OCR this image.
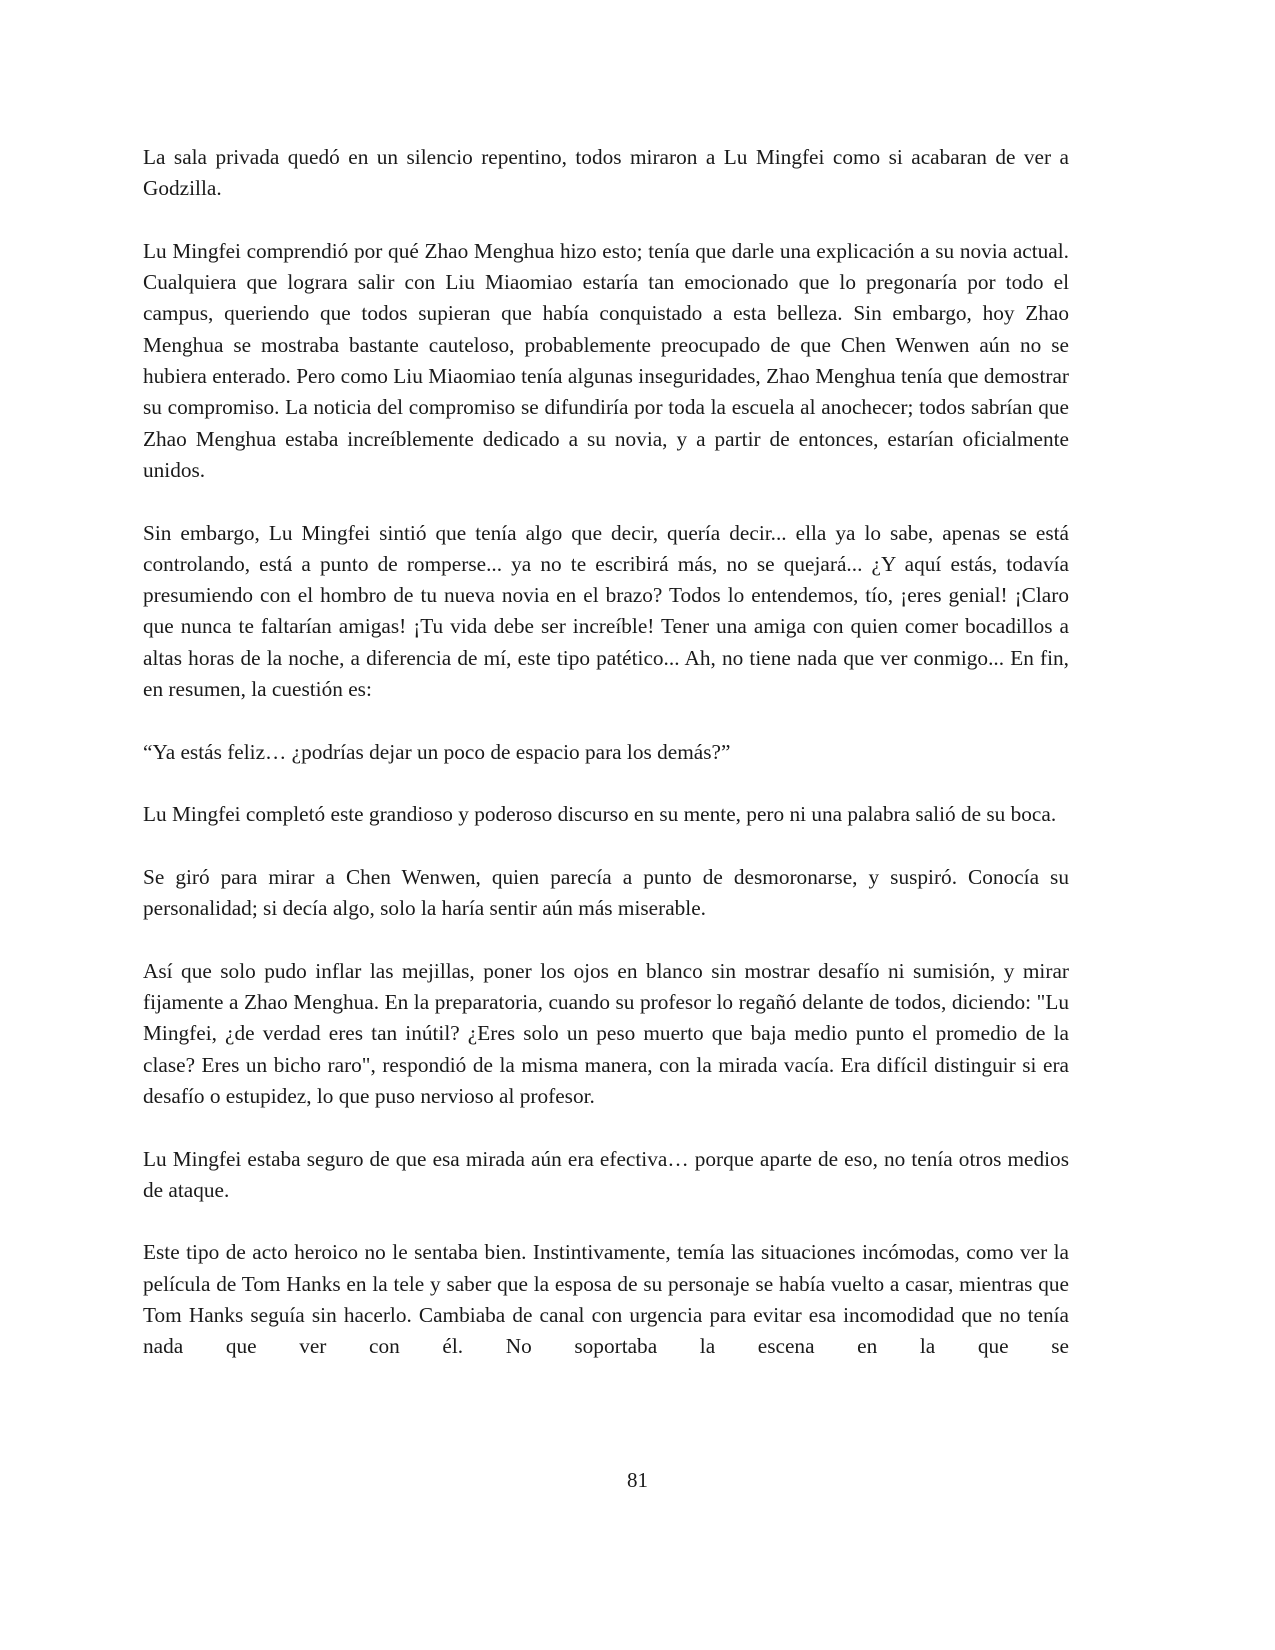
La sala privada quedó en un silencio repentino, todos miraron a Lu Mingfei como si acabaran de ver a Godzilla.

Lu Mingfei comprendió por qué Zhao Menghua hizo esto; tenía que darle una explicación a su novia actual. Cualquiera que lograra salir con Liu Miaomiao estaría tan emocionado que lo pregonaría por todo el campus, queriendo que todos supieran que había conquistado a esta belleza. Sin embargo, hoy Zhao Menghua se mostraba bastante cauteloso, probablemente preocupado de que Chen Wenwen aún no se hubiera enterado. Pero como Liu Miaomiao tenía algunas inseguridades, Zhao Menghua tenía que demostrar su compromiso. La noticia del compromiso se difundiría por toda la escuela al anochecer; todos sabrían que Zhao Menghua estaba increíblemente dedicado a su novia, y a partir de entonces, estarían oficialmente unidos.

Sin embargo, Lu Mingfei sintió que tenía algo que decir, quería decir... ella ya lo sabe, apenas se está controlando, está a punto de romperse... ya no te escribirá más, no se quejará... ¿Y aquí estás, todavía presumiendo con el hombro de tu nueva novia en el brazo? Todos lo entendemos, tío, ¡eres genial! ¡Claro que nunca te faltarían amigas! ¡Tu vida debe ser increíble! Tener una amiga con quien comer bocadillos a altas horas de la noche, a diferencia de mí, este tipo patético... Ah, no tiene nada que ver conmigo... En fin, en resumen, la cuestión es:

“Ya estás feliz… ¿podrías dejar un poco de espacio para los demás?”

Lu Mingfei completó este grandioso y poderoso discurso en su mente, pero ni una palabra salió de su boca.

Se giró para mirar a Chen Wenwen, quien parecía a punto de desmoronarse, y suspiró. Conocía su personalidad; si decía algo, solo la haría sentir aún más miserable.

Así que solo pudo inflar las mejillas, poner los ojos en blanco sin mostrar desafío ni sumisión, y mirar fijamente a Zhao Menghua. En la preparatoria, cuando su profesor lo regañó delante de todos, diciendo: "Lu Mingfei, ¿de verdad eres tan inútil? ¿Eres solo un peso muerto que baja medio punto el promedio de la clase? Eres un bicho raro", respondió de la misma manera, con la mirada vacía. Era difícil distinguir si era desafío o estupidez, lo que puso nervioso al profesor.

Lu Mingfei estaba seguro de que esa mirada aún era efectiva… porque aparte de eso, no tenía otros medios de ataque.

Este tipo de acto heroico no le sentaba bien. Instintivamente, temía las situaciones incómodas, como ver la película de Tom Hanks en la tele y saber que la esposa de su personaje se había vuelto a casar, mientras que Tom Hanks seguía sin hacerlo. Cambiaba de canal con urgencia para evitar esa incomodidad que no tenía nada que ver con él. No soportaba la escena en la que se

81
